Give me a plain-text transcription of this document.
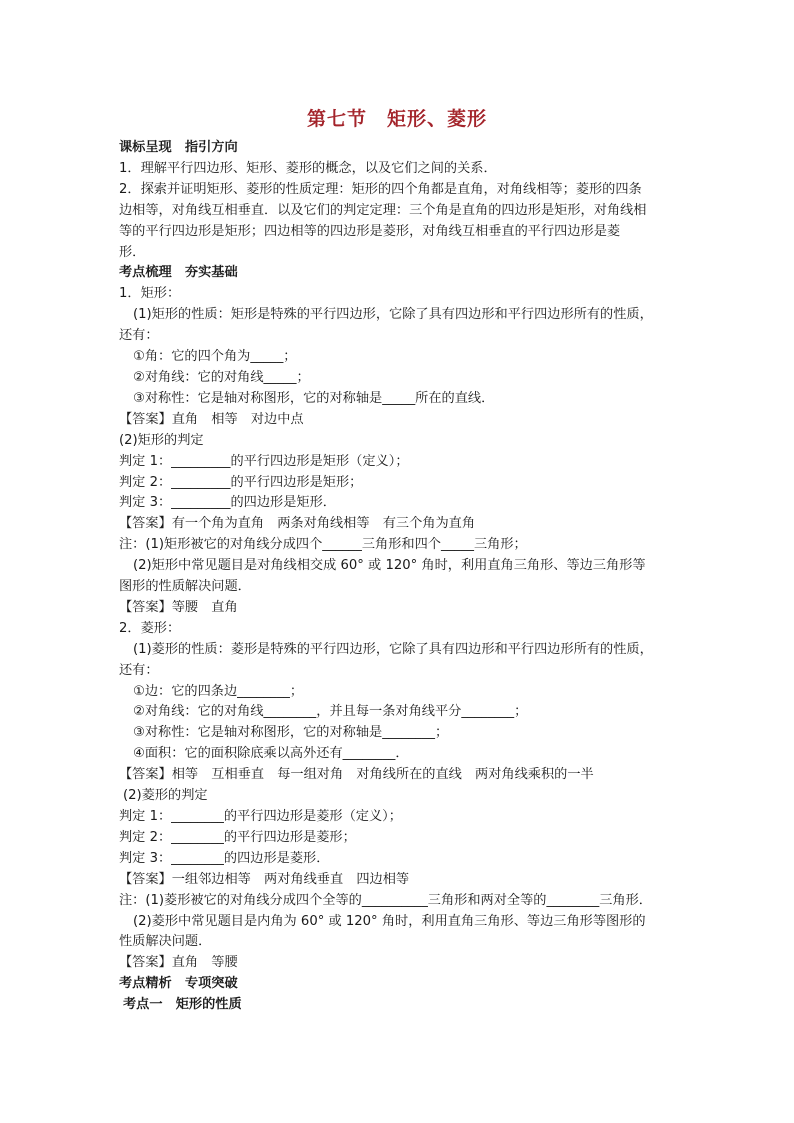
第七节　矩形、菱形
课标呈现　指引方向
1．理解平行四边形、矩形、菱形的概念，以及它们之间的关系．
2．探索并证明矩形、菱形的性质定理：矩形的四个角都是直角，对角线相等；菱形的四条
边相等，对角线互相垂直．以及它们的判定定理：三个角是直角的四边形是矩形，对角线相
等的平行四边形是矩形；四边相等的四边形是菱形，对角线互相垂直的平行四边形是菱
形．
考点梳理　夯实基础
1．矩形：
(1)矩形的性质：矩形是特殊的平行四边形，它除了具有四边形和平行四边形所有的性质，
还有：
①角：它的四个角为_____；
②对角线：它的对角线_____；
③对称性：它是轴对称图形，它的对称轴是_____所在的直线．
【答案】直角　相等　对边中点
(2)矩形的判定
判定 1：_________的平行四边形是矩形（定义）；
判定 2：_________的平行四边形是矩形；
判定 3：_________的四边形是矩形．
【答案】有一个角为直角　两条对角线相等　有三个角为直角
注：(1)矩形被它的对角线分成四个______三角形和四个_____三角形；
(2)矩形中常见题目是对角线相交成 60° 或 120° 角时，利用直角三角形、等边三角形等
图形的性质解决问题．
【答案】等腰　直角
2．菱形：
(1)菱形的性质：菱形是特殊的平行四边形，它除了具有四边形和平行四边形所有的性质，
还有：
①边：它的四条边________；
②对角线：它的对角线________，并且每一条对角线平分________；
③对称性：它是轴对称图形，它的对称轴是________；
④面积：它的面积除底乘以高外还有________．
【答案】相等　互相垂直　每一组对角　对角线所在的直线　两对角线乘积的一半
(2)菱形的判定
判定 1：________的平行四边形是菱形（定义）；
判定 2：________的平行四边形是菱形；
判定 3：________的四边形是菱形．
【答案】一组邻边相等　两对角线垂直　四边相等
注：(1)菱形被它的对角线分成四个全等的__________三角形和两对全等的________三角形．
(2)菱形中常见题目是内角为 60° 或 120° 角时，利用直角三角形、等边三角形等图形的
性质解决问题．
【答案】直角　等腰
考点精析　专项突破
考点一　矩形的性质
